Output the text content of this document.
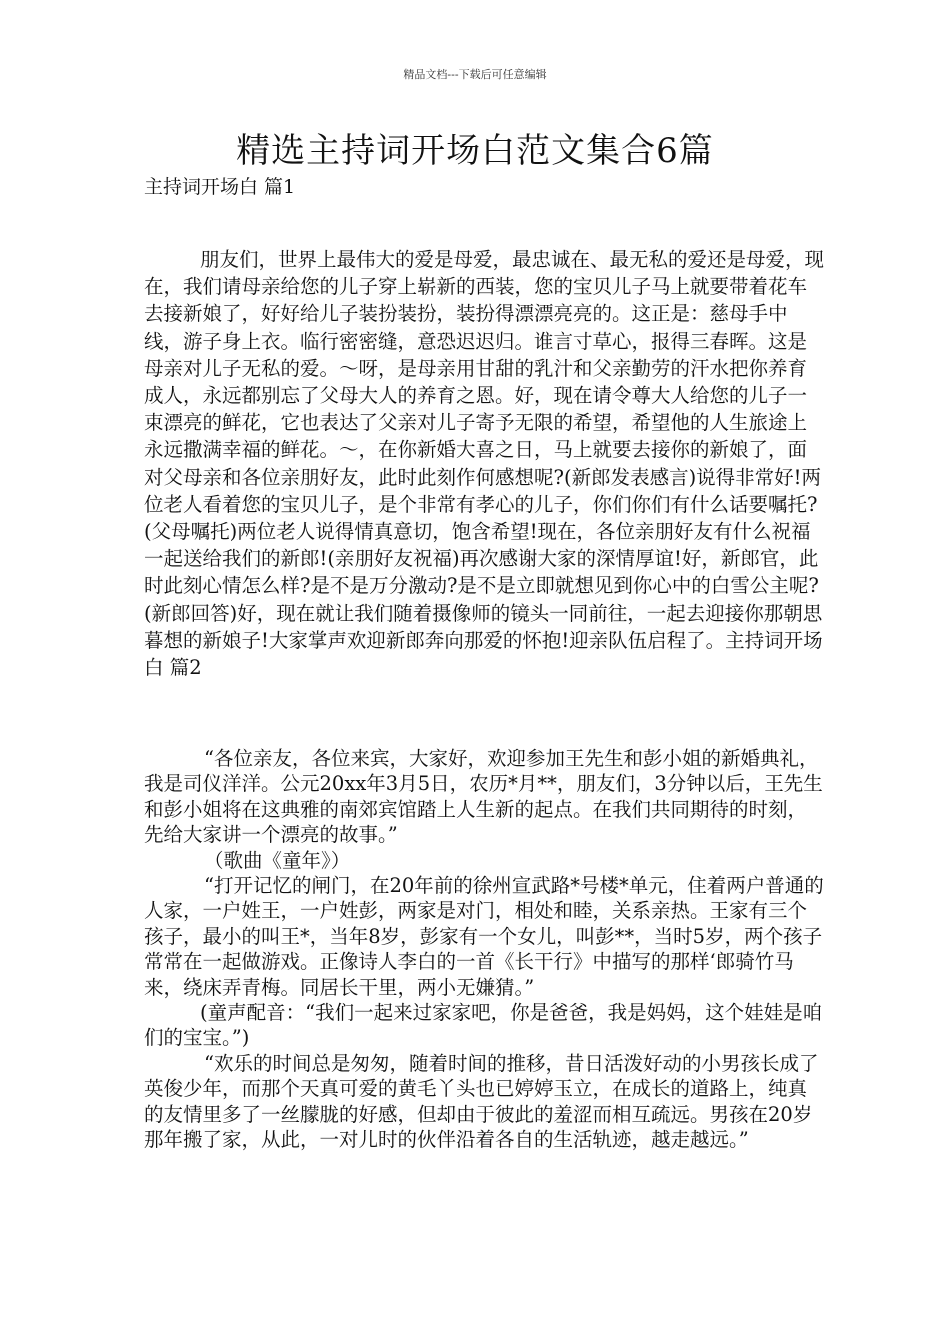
精品文档---下载后可任意编辑
精选主持词开场白范文集合6篇
主持词开场白 篇1

朋友们，世界上最伟大的爱是母爱，最忠诚在、最无私的爱还是母爱，现在，我们请母亲给您的儿子穿上崭新的西装，您的宝贝儿子马上就要带着花车去接新娘了，好好给儿子装扮装扮，装扮得漂漂亮亮的。这正是：慈母手中线，游子身上衣。临行密密缝，意恐迟迟归。谁言寸草心，报得三春晖。这是母亲对儿子无私的爱。～呀，是母亲用甘甜的乳汁和父亲勤劳的汗水把你养育成人，永远都别忘了父母大人的养育之恩。好，现在请令尊大人给您的儿子一束漂亮的鲜花，它也表达了父亲对儿子寄予无限的希望，希望他的人生旅途上永远撒满幸福的鲜花。～，在你新婚大喜之日，马上就要去接你的新娘了，面对父母亲和各位亲朋好友，此时此刻作何感想呢?(新郎发表感言)说得非常好!两位老人看着您的宝贝儿子，是个非常有孝心的儿子，你们你们有什么话要嘱托?(父母嘱托)两位老人说得情真意切，饱含希望!现在，各位亲朋好友有什么祝福一起送给我们的新郎!(亲朋好友祝福)再次感谢大家的深情厚谊!好，新郎官，此时此刻心情怎么样?是不是万分激动?是不是立即就想见到你心中的白雪公主呢?(新郎回答)好，现在就让我们随着摄像师的镜头一同前往，一起去迎接你那朝思暮想的新娘子!大家掌声欢迎新郎奔向那爱的怀抱!迎亲队伍启程了。主持词开场白 篇2

“各位亲友，各位来宾，大家好，欢迎参加王先生和彭小姐的新婚典礼，我是司仪洋洋。公元20xx年3月5日，农历*月**，朋友们，3分钟以后，王先生和彭小姐将在这典雅的南郊宾馆踏上人生新的起点。在我们共同期待的时刻，先给大家讲一个漂亮的故事。”

（歌曲《童年》）

“打开记忆的闸门，在20年前的徐州宣武路*号楼*单元，住着两户普通的人家，一户姓王，一户姓彭，两家是对门，相处和睦，关系亲热。王家有三个孩子，最小的叫王*，当年8岁，彭家有一个女儿，叫彭**，当时5岁，两个孩子常常在一起做游戏。正像诗人李白的一首《长干行》中描写的那样‘郎骑竹马来，绕床弄青梅。同居长干里，两小无嫌猜。”

(童声配音：“我们一起来过家家吧，你是爸爸，我是妈妈，这个娃娃是咱们的宝宝。”)

“欢乐的时间总是匆匆，随着时间的推移，昔日活泼好动的小男孩长成了英俊少年，而那个天真可爱的黄毛丫头也已婷婷玉立，在成长的道路上，纯真的友情里多了一丝朦胧的好感，但却由于彼此的羞涩而相互疏远。男孩在20岁那年搬了家，从此，一对儿时的伙伴沿着各自的生活轨迹，越走越远。”
